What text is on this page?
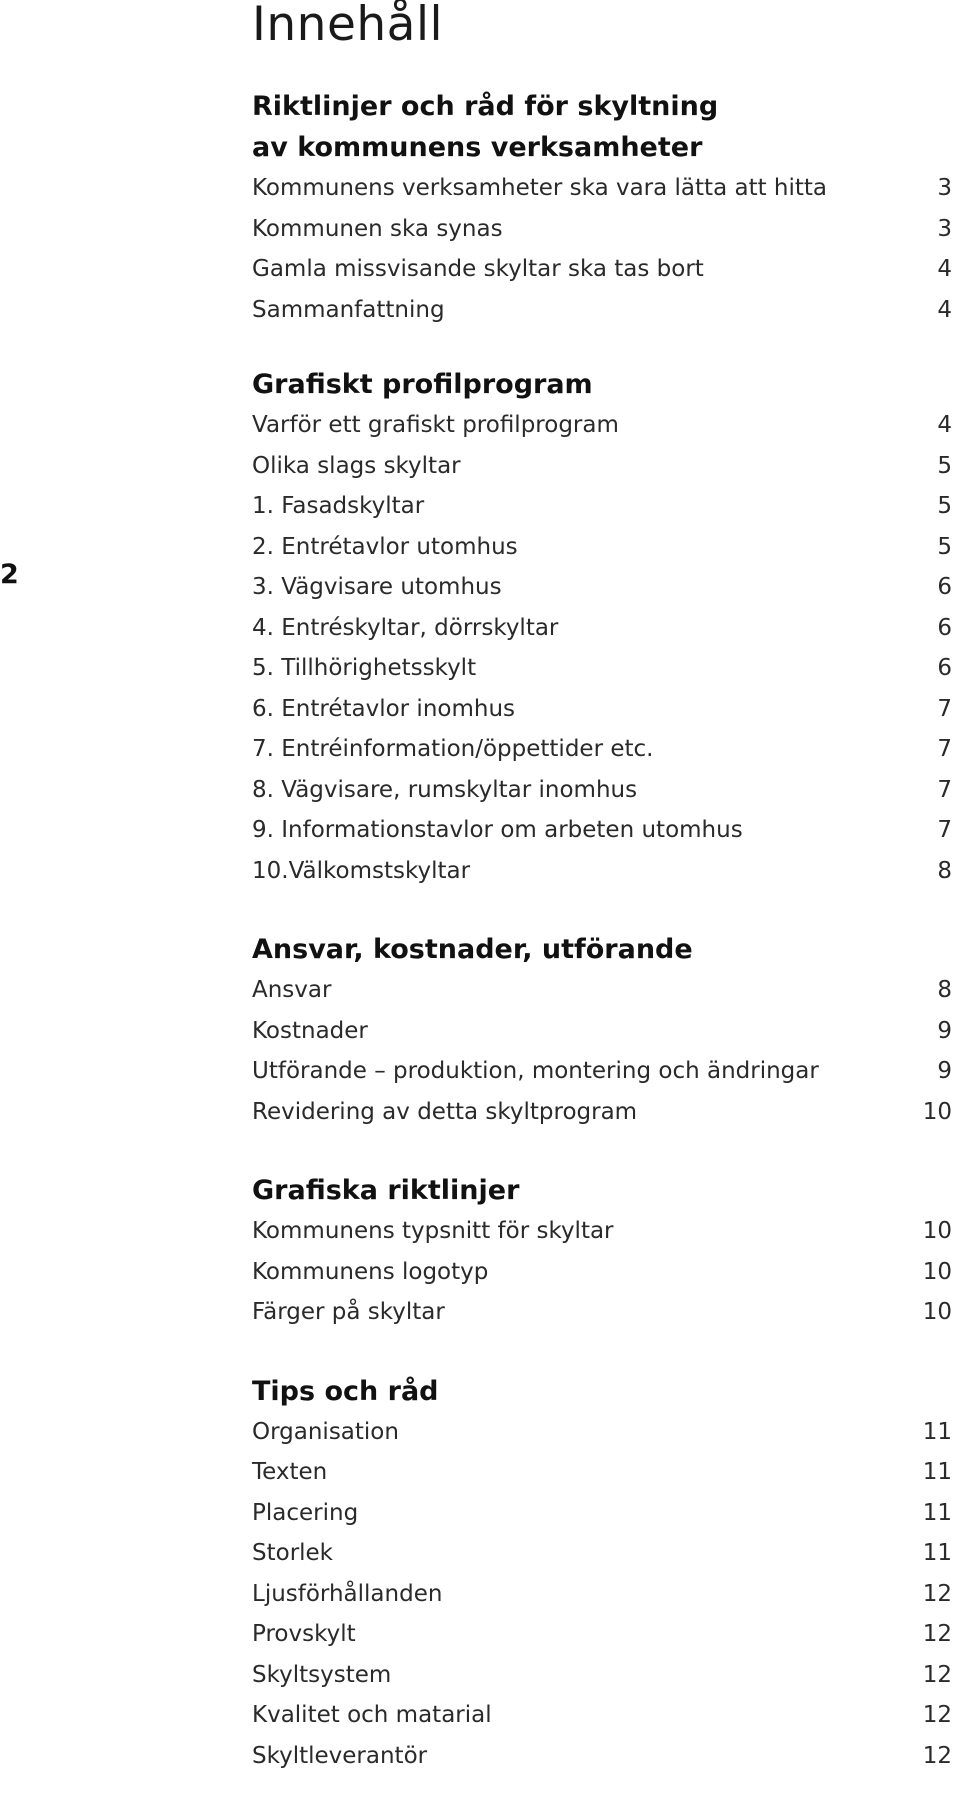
2
Innehåll
Riktlinjer och råd för skyltning
av kommunens verksamheter
Kommunens verksamheter ska vara lätta att hitta	3
Kommunen ska synas	3
Gamla missvisande skyltar ska tas bort	4
Sammanfattning	4
Grafiskt profilprogram
Varför ett grafiskt profilprogram	4
Olika slags skyltar	5
1. Fasadskyltar	5
2. Entrétavlor utomhus	5
3. Vägvisare utomhus	6
4. Entréskyltar, dörrskyltar	6
5. Tillhörighetsskylt	6
6. Entrétavlor inomhus	7
7. Entréinformation/öppettider etc.	7
8. Vägvisare, rumskyltar inomhus	7
9. Informationstavlor om arbeten utomhus	7
10.Välkomstskyltar	8
Ansvar, kostnader, utförande
Ansvar	8
Kostnader	9
Utförande – produktion, montering och ändringar	9
Revidering av detta skyltprogram	10
Grafiska riktlinjer
Kommunens typsnitt för skyltar	10
Kommunens logotyp	10
Färger på skyltar	10
Tips och råd
Organisation	11
Texten	11
Placering	11
Storlek	11
Ljusförhållanden	12
Provskylt	12
Skyltsystem	12
Kvalitet och matarial	12
Skyltleverantör	12
